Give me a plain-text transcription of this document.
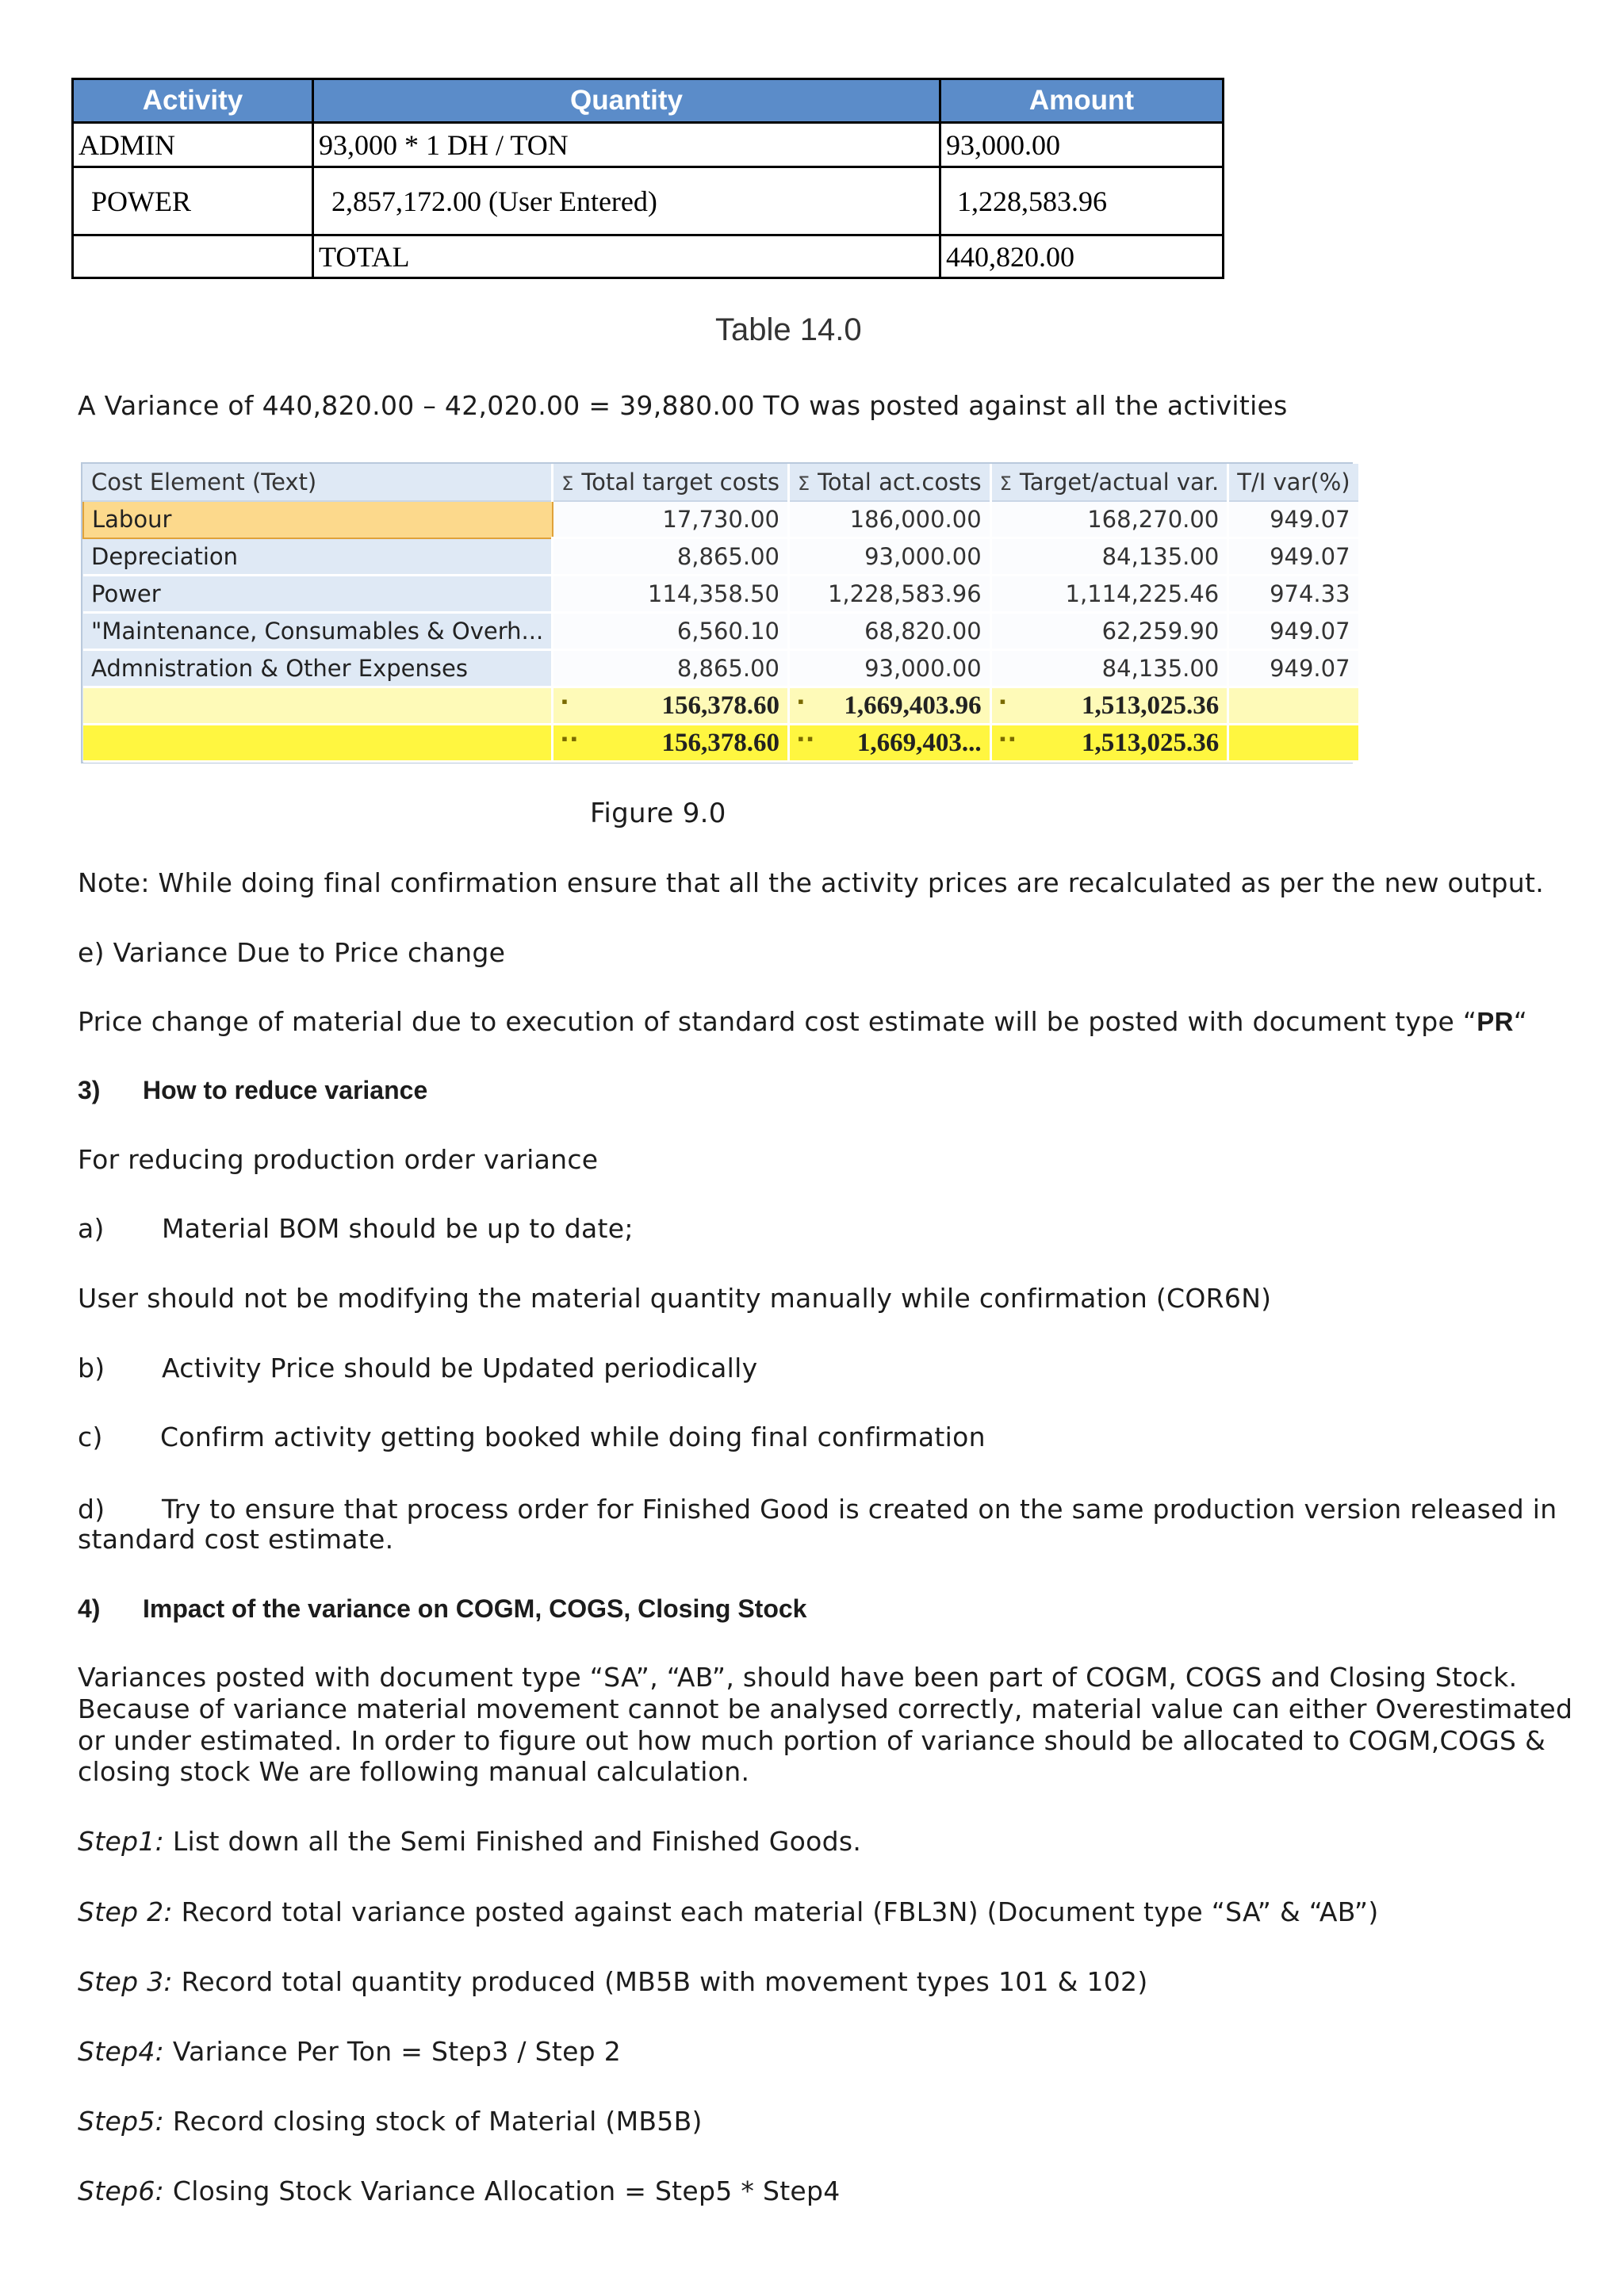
Activity	Quantity	Amount
ADMIN	93,000 * 1 DH / TON	93,000.00
POWER	2,857,172.00 (User Entered)	1,228,583.96
	TOTAL	440,820.00
Table 14.0
A Variance of 440,820.00 – 42,020.00 = 39,880.00 TO was posted against all the activities
Cost Element (Text)	Σ Total target costs	Σ Total act.costs	Σ Target/actual var.	T/I var(%)
Labour	17,730.00	186,000.00	168,270.00	949.07
Depreciation	8,865.00	93,000.00	84,135.00	949.07
Power	114,358.50	1,228,583.96	1,114,225.46	974.33
"Maintenance, Consumables & Overh...	6,560.10	68,820.00	62,259.90	949.07
Admnistration & Other Expenses	8,865.00	93,000.00	84,135.00	949.07

	▪ 156,378.60	▪ 1,669,403.96	▪ 1,513,025.36	

	▪▪ 156,378.60	▪▪ 1,669,403...	▪▪ 1,513,025.36	
Figure 9.0
Note: While doing final confirmation ensure that all the activity prices are recalculated as per the new output.
e) Variance Due to Price change
Price change of material due to execution of standard cost estimate will be posted with document type “PR“
3) How to reduce variance
For reducing production order variance
a) Material BOM should be up to date;
User should not be modifying the material quantity manually while confirmation (COR6N)
b) Activity Price should be Updated periodically
c) Confirm activity getting booked while doing final confirmation
d) Try to ensure that process order for Finished Good is created on the same production version released in
standard cost estimate.
4) Impact of the variance on COGM, COGS, Closing Stock
Variances posted with document type “SA”, “AB”, should have been part of COGM, COGS and Closing Stock.
Because of variance material movement cannot be analysed correctly, material value can either Overestimated
or under estimated. In order to figure out how much portion of variance should be allocated to COGM,COGS &
closing stock We are following manual calculation.
Step1: List down all the Semi Finished and Finished Goods.
Step 2: Record total variance posted against each material (FBL3N) (Document type “SA” & “AB”)
Step 3: Record total quantity produced (MB5B with movement types 101 & 102)
Step4: Variance Per Ton = Step3 / Step 2
Step5: Record closing stock of Material (MB5B)
Step6: Closing Stock Variance Allocation = Step5 * Step4
